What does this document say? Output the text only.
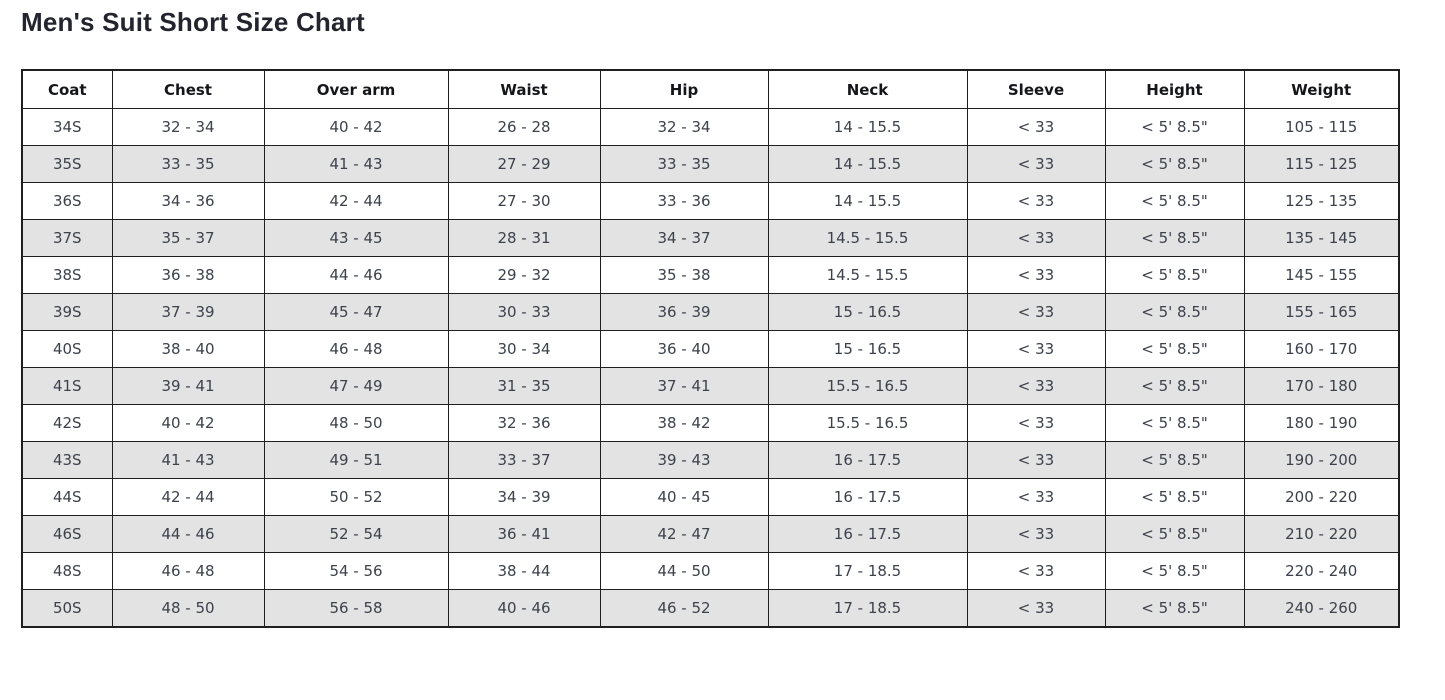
Men's Suit Short Size Chart
Coat	Chest	Over arm	Waist	Hip	Neck	Sleeve	Height	Weight
34S	32 - 34	40 - 42	26 - 28	32 - 34	14 - 15.5	< 33	< 5' 8.5"	105 - 115
35S	33 - 35	41 - 43	27 - 29	33 - 35	14 - 15.5	< 33	< 5' 8.5"	115 - 125
36S	34 - 36	42 - 44	27 - 30	33 - 36	14 - 15.5	< 33	< 5' 8.5"	125 - 135
37S	35 - 37	43 - 45	28 - 31	34 - 37	14.5 - 15.5	< 33	< 5' 8.5"	135 - 145
38S	36 - 38	44 - 46	29 - 32	35 - 38	14.5 - 15.5	< 33	< 5' 8.5"	145 - 155
39S	37 - 39	45 - 47	30 - 33	36 - 39	15 - 16.5	< 33	< 5' 8.5"	155 - 165
40S	38 - 40	46 - 48	30 - 34	36 - 40	15 - 16.5	< 33	< 5' 8.5"	160 - 170
41S	39 - 41	47 - 49	31 - 35	37 - 41	15.5 - 16.5	< 33	< 5' 8.5"	170 - 180
42S	40 - 42	48 - 50	32 - 36	38 - 42	15.5 - 16.5	< 33	< 5' 8.5"	180 - 190
43S	41 - 43	49 - 51	33 - 37	39 - 43	16 - 17.5	< 33	< 5' 8.5"	190 - 200
44S	42 - 44	50 - 52	34 - 39	40 - 45	16 - 17.5	< 33	< 5' 8.5"	200 - 220
46S	44 - 46	52 - 54	36 - 41	42 - 47	16 - 17.5	< 33	< 5' 8.5"	210 - 220
48S	46 - 48	54 - 56	38 - 44	44 - 50	17 - 18.5	< 33	< 5' 8.5"	220 - 240
50S	48 - 50	56 - 58	40 - 46	46 - 52	17 - 18.5	< 33	< 5' 8.5"	240 - 260
